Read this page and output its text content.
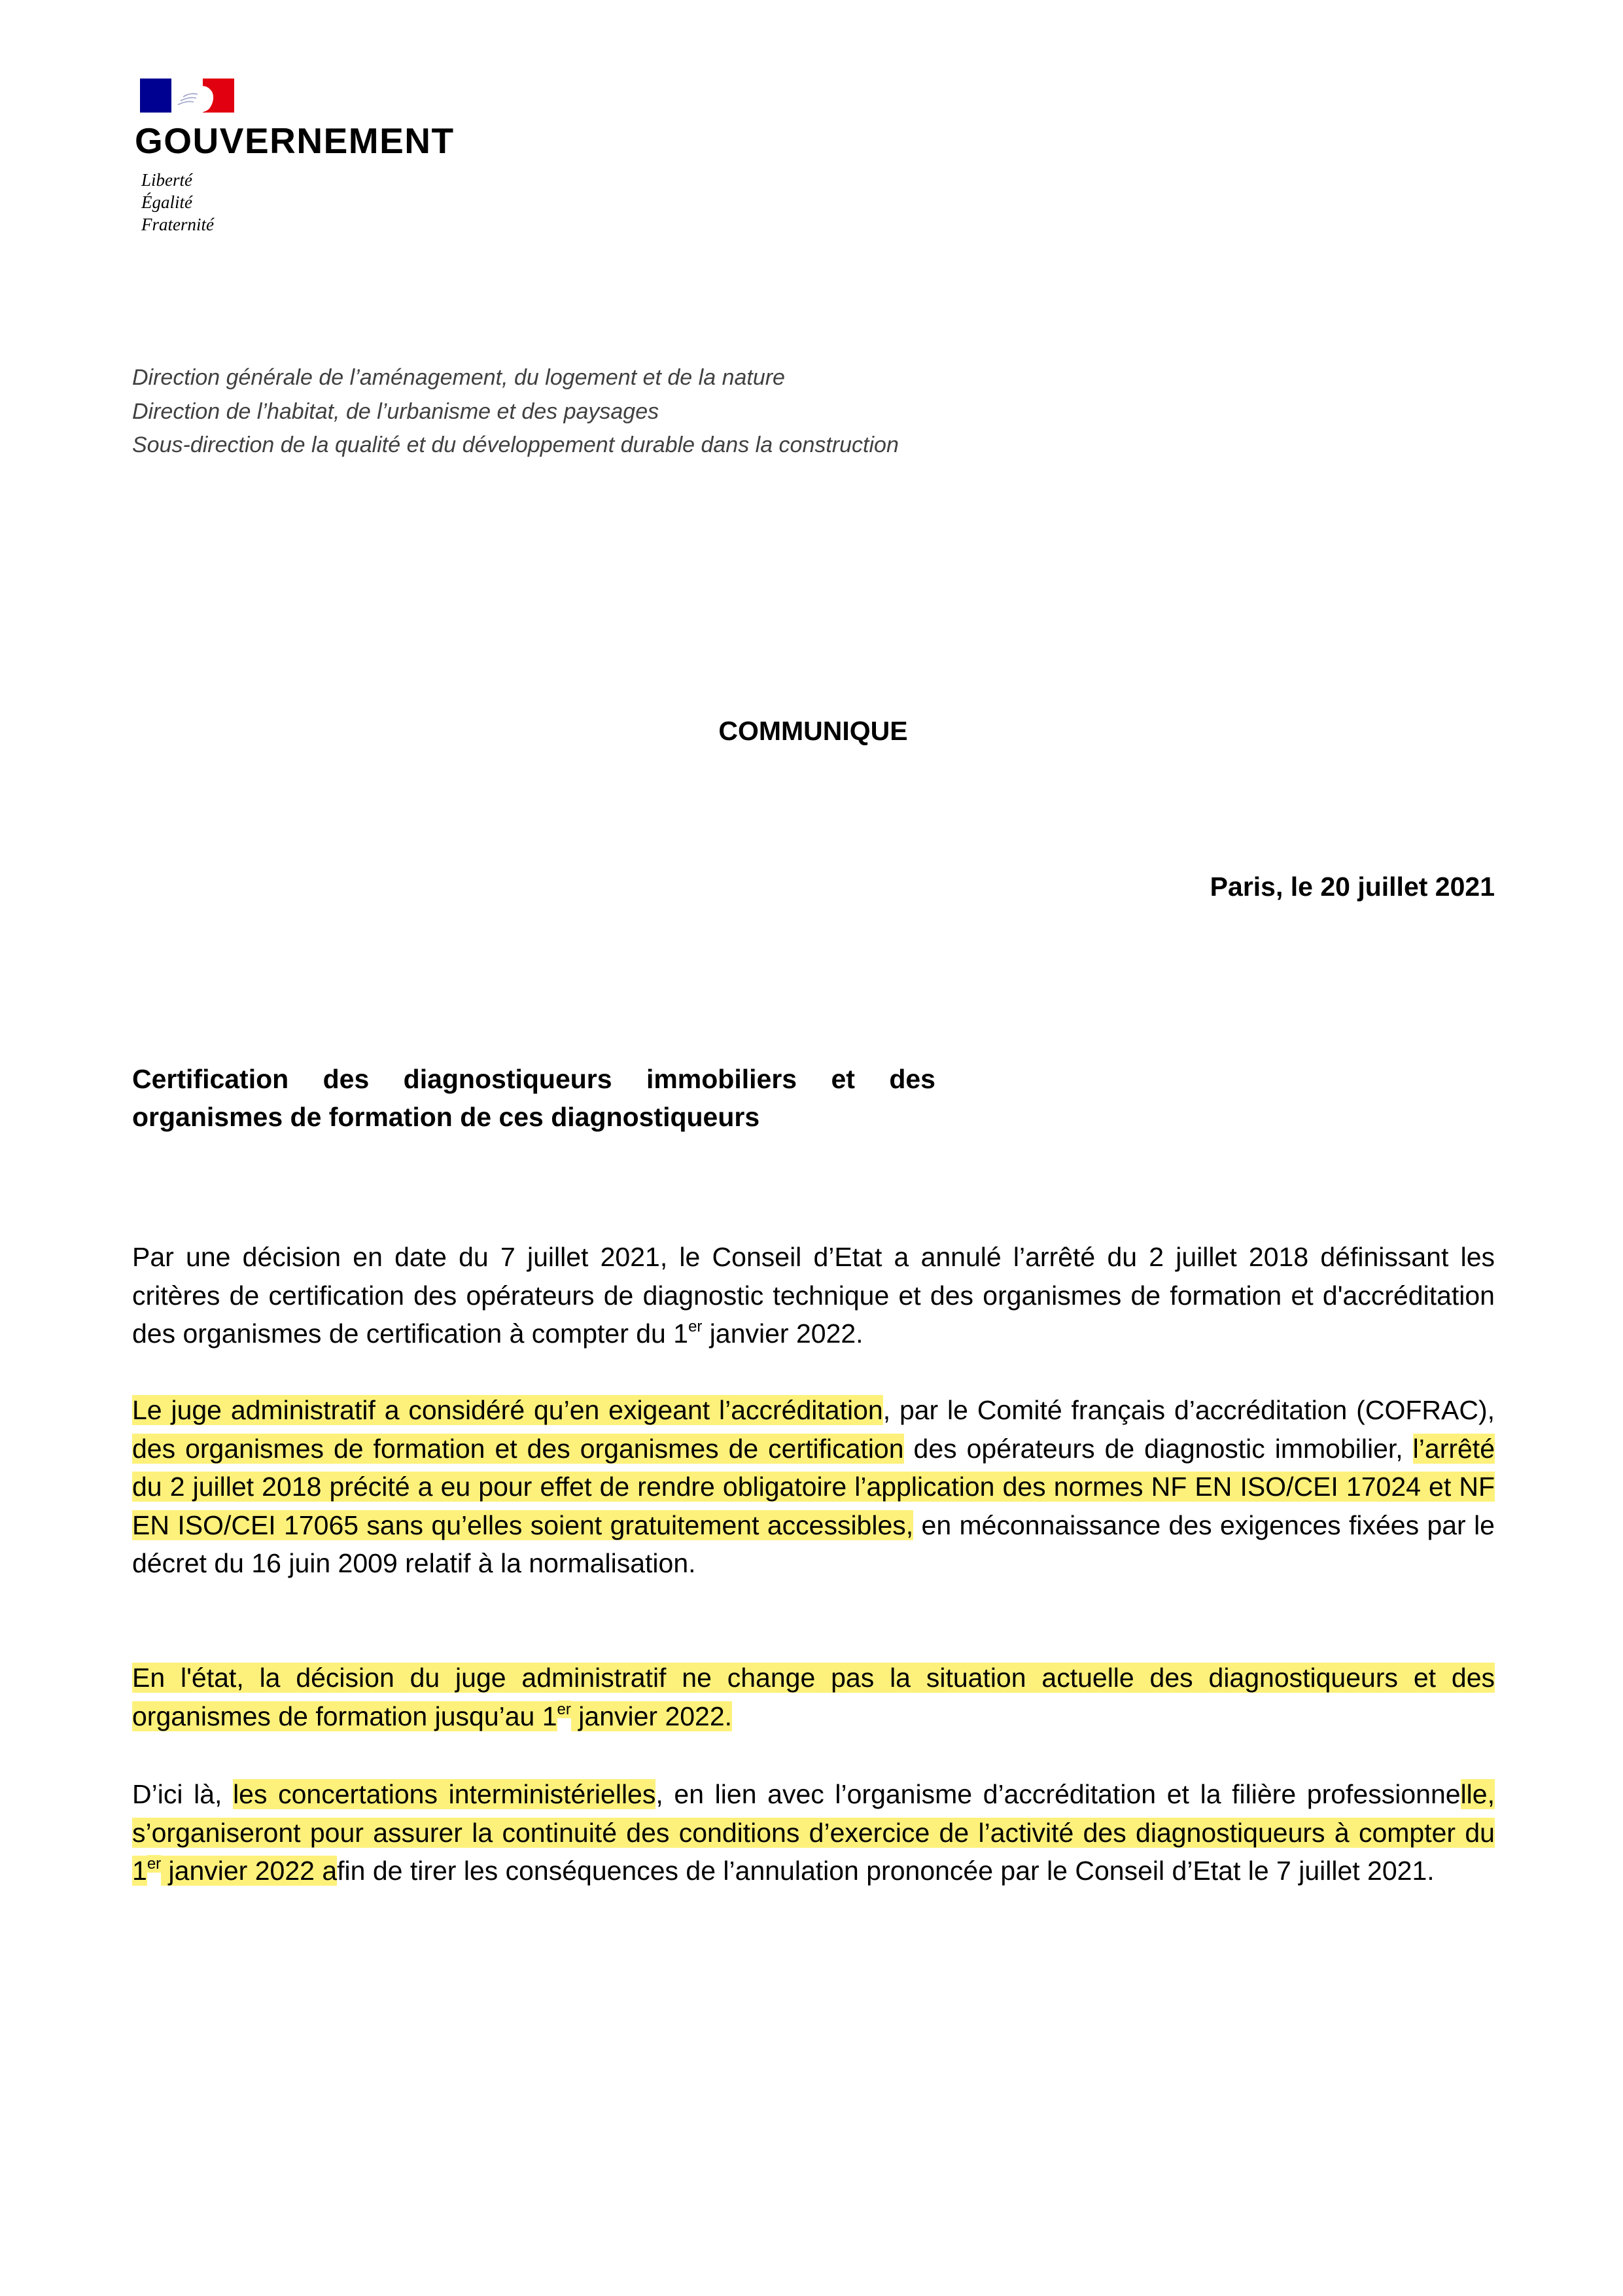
GOUVERNEMENT
Liberté
Égalité
Fraternité
Direction générale de l’aménagement, du logement et de la nature
Direction de l’habitat, de l’urbanisme et des paysages
Sous-direction de la qualité et du développement durable dans la construction
COMMUNIQUE
Paris, le 20 juillet 2021
Certification des diagnostiqueurs immobiliers et des organismes de formation de ces diagnostiqueurs

Par une décision en date du 7 juillet 2021, le Conseil d’Etat a annulé l’arrêté du 2 juillet 2018 définissant les critères de certification des opérateurs de diagnostic technique et des organismes de formation et d'accréditation des organismes de certification à compter du 1er janvier 2022.

Le juge administratif a considéré qu’en exigeant l’accréditation, par le Comité français d’accréditation (COFRAC), des organismes de formation et des organismes de certification des opérateurs de diagnostic immobilier, l’arrêté du 2 juillet 2018 précité a eu pour effet de rendre obligatoire l’application des normes NF EN ISO/CEI 17024 et NF EN ISO/CEI 17065 sans qu’elles soient gratuitement accessibles, en méconnaissance des exigences fixées par le décret du 16 juin 2009 relatif à la normalisation.

En l'état, la décision du juge administratif ne change pas la situation actuelle des diagnostiqueurs et des organismes de formation jusqu’au 1er janvier 2022.

D’ici là, les concertations interministérielles, en lien avec l’organisme d’accréditation et la filière professionnelle, s’organiseront pour assurer la continuité des conditions d’exercice de l’activité des diagnostiqueurs à compter du 1er janvier 2022 afin de tirer les conséquences de l’annulation prononcée par le Conseil d’Etat le 7 juillet 2021.
